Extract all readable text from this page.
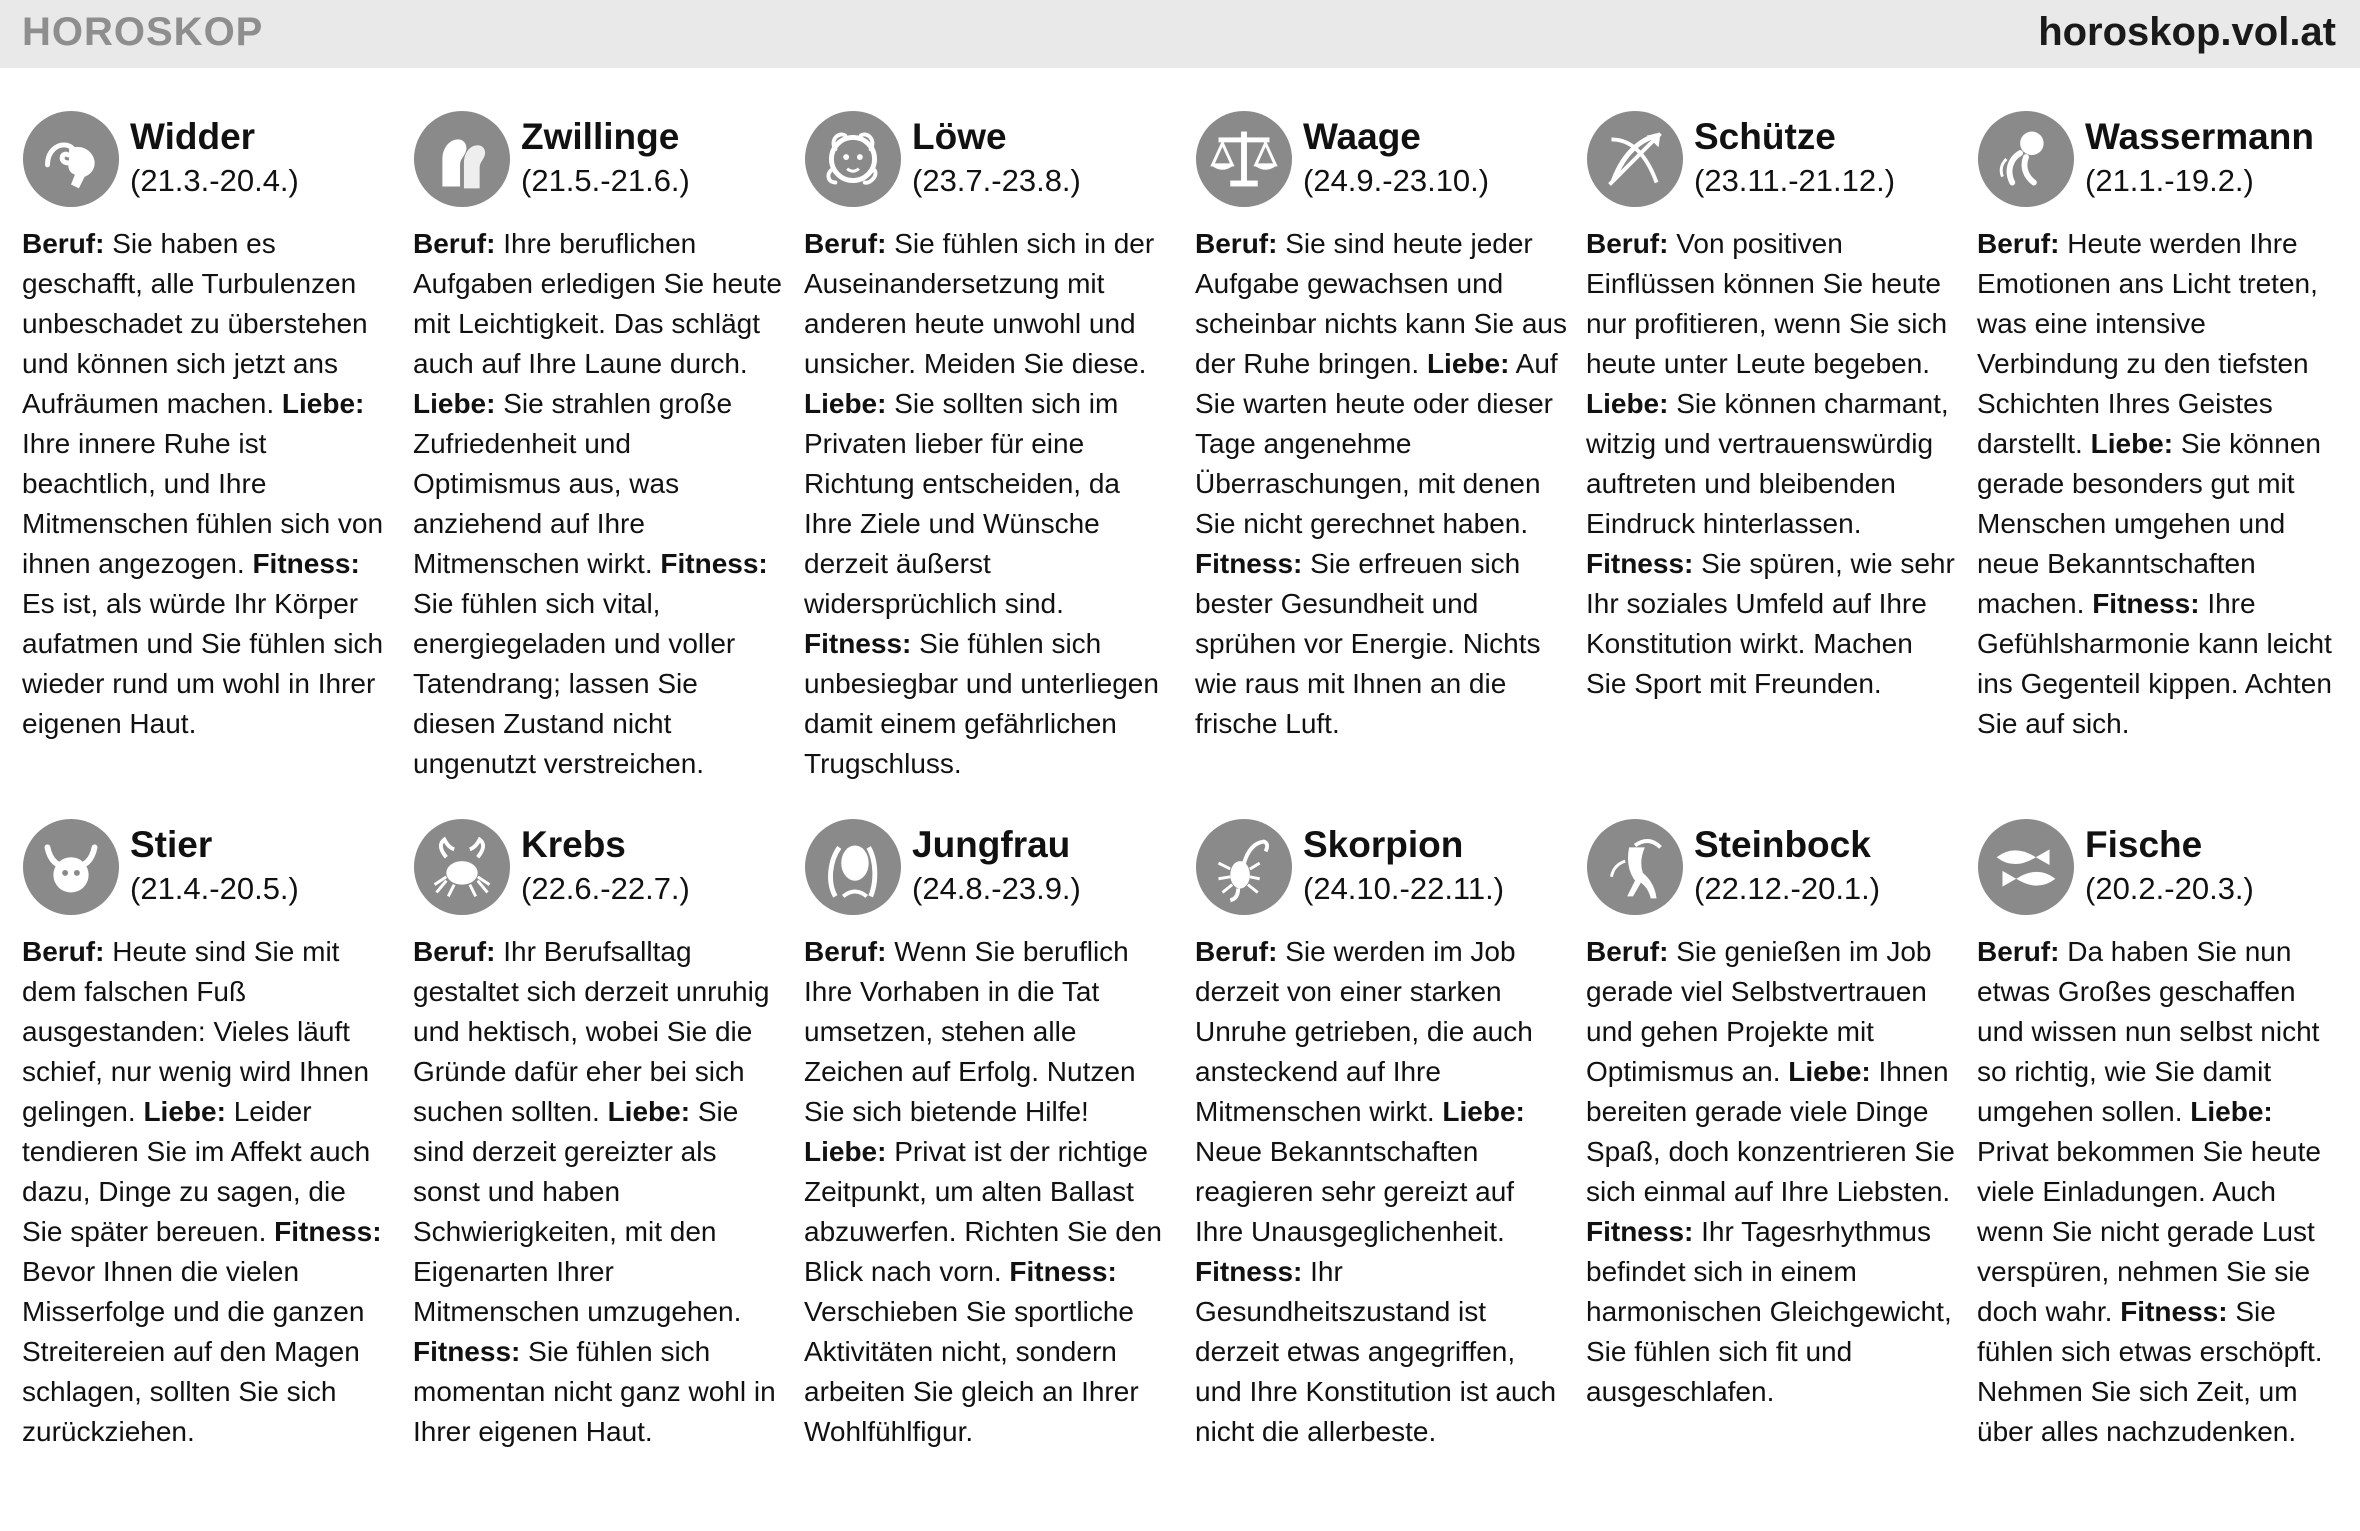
HOROSKOP	horoskop.vol.at
Widder
(21.3.-20.4.)
Beruf: Sie haben es geschafft, alle Turbulenzen unbeschadet zu überstehen und können sich jetzt ans Aufräumen machen. Liebe: Ihre innere Ruhe ist beachtlich, und Ihre Mitmenschen fühlen sich von ihnen angezogen. Fitness: Es ist, als würde Ihr Körper aufatmen und Sie fühlen sich wieder rund um wohl in Ihrer eigenen Haut.
Zwillinge
(21.5.-21.6.)
Beruf: Ihre beruflichen Aufgaben erledigen Sie heute mit Leichtigkeit. Das schlägt auch auf Ihre Laune durch. Liebe: Sie strahlen große Zufriedenheit und Optimismus aus, was anziehend auf Ihre Mitmenschen wirkt. Fitness: Sie fühlen sich vital, energiegeladen und voller Tatendrang; lassen Sie diesen Zustand nicht ungenutzt verstreichen.
Löwe
(23.7.-23.8.)
Beruf: Sie fühlen sich in der Auseinandersetzung mit anderen heute unwohl und unsicher. Meiden Sie diese. Liebe: Sie sollten sich im Privaten lieber für eine Richtung entscheiden, da Ihre Ziele und Wünsche derzeit äußerst widersprüchlich sind. Fitness: Sie fühlen sich unbesiegbar und unterliegen damit einem gefährlichen Trugschluss.
Waage
(24.9.-23.10.)
Beruf: Sie sind heute jeder Aufgabe gewachsen und scheinbar nichts kann Sie aus der Ruhe bringen. Liebe: Auf Sie warten heute oder dieser Tage angenehme Überraschungen, mit denen Sie nicht gerechnet haben. Fitness: Sie erfreuen sich bester Gesundheit und sprühen vor Energie. Nichts wie raus mit Ihnen an die frische Luft.
Schütze
(23.11.-21.12.)
Beruf: Von positiven Einflüssen können Sie heute nur profitieren, wenn Sie sich heute unter Leute begeben. Liebe: Sie können charmant, witzig und vertrauenswürdig auftreten und bleibenden Eindruck hinterlassen. Fitness: Sie spüren, wie sehr Ihr soziales Umfeld auf Ihre Konstitution wirkt. Machen Sie Sport mit Freunden.
Wassermann
(21.1.-19.2.)
Beruf: Heute werden Ihre Emotionen ans Licht treten, was eine intensive Verbindung zu den tiefsten Schichten Ihres Geistes darstellt. Liebe: Sie können gerade besonders gut mit Menschen umgehen und neue Bekanntschaften machen. Fitness: Ihre Gefühlsharmonie kann leicht ins Gegenteil kippen. Achten Sie auf sich.
Stier
(21.4.-20.5.)
Beruf: Heute sind Sie mit dem falschen Fuß ausgestanden: Vieles läuft schief, nur wenig wird Ihnen gelingen. Liebe: Leider tendieren Sie im Affekt auch dazu, Dinge zu sagen, die Sie später bereuen. Fitness: Bevor Ihnen die vielen Misserfolge und die ganzen Streitereien auf den Magen schlagen, sollten Sie sich zurückziehen.
Krebs
(22.6.-22.7.)
Beruf: Ihr Berufsalltag gestaltet sich derzeit unruhig und hektisch, wobei Sie die Gründe dafür eher bei sich suchen sollten. Liebe: Sie sind derzeit gereizter als sonst und haben Schwierigkeiten, mit den Eigenarten Ihrer Mitmenschen umzugehen. Fitness: Sie fühlen sich momentan nicht ganz wohl in Ihrer eigenen Haut.
Jungfrau
(24.8.-23.9.)
Beruf: Wenn Sie beruflich Ihre Vorhaben in die Tat umsetzen, stehen alle Zeichen auf Erfolg. Nutzen Sie sich bietende Hilfe! Liebe: Privat ist der richtige Zeitpunkt, um alten Ballast abzuwerfen. Richten Sie den Blick nach vorn. Fitness: Verschieben Sie sportliche Aktivitäten nicht, sondern arbeiten Sie gleich an Ihrer Wohlfühlfigur.
Skorpion
(24.10.-22.11.)
Beruf: Sie werden im Job derzeit von einer starken Unruhe getrieben, die auch ansteckend auf Ihre Mitmenschen wirkt. Liebe: Neue Bekanntschaften reagieren sehr gereizt auf Ihre Unausgeglichenheit. Fitness: Ihr Gesundheitszustand ist derzeit etwas angegriffen, und Ihre Konstitution ist auch nicht die allerbeste.
Steinbock
(22.12.-20.1.)
Beruf: Sie genießen im Job gerade viel Selbstvertrauen und gehen Projekte mit Optimismus an. Liebe: Ihnen bereiten gerade viele Dinge Spaß, doch konzentrieren Sie sich einmal auf Ihre Liebsten. Fitness: Ihr Tagesrhythmus befindet sich in einem harmonischen Gleichgewicht, Sie fühlen sich fit und ausgeschlafen.
Fische
(20.2.-20.3.)
Beruf: Da haben Sie nun etwas Großes geschaffen und wissen nun selbst nicht so richtig, wie Sie damit umgehen sollen. Liebe: Privat bekommen Sie heute viele Einladungen. Auch wenn Sie nicht gerade Lust verspüren, nehmen Sie sie doch wahr. Fitness: Sie fühlen sich etwas erschöpft. Nehmen Sie sich Zeit, um über alles nachzudenken.
